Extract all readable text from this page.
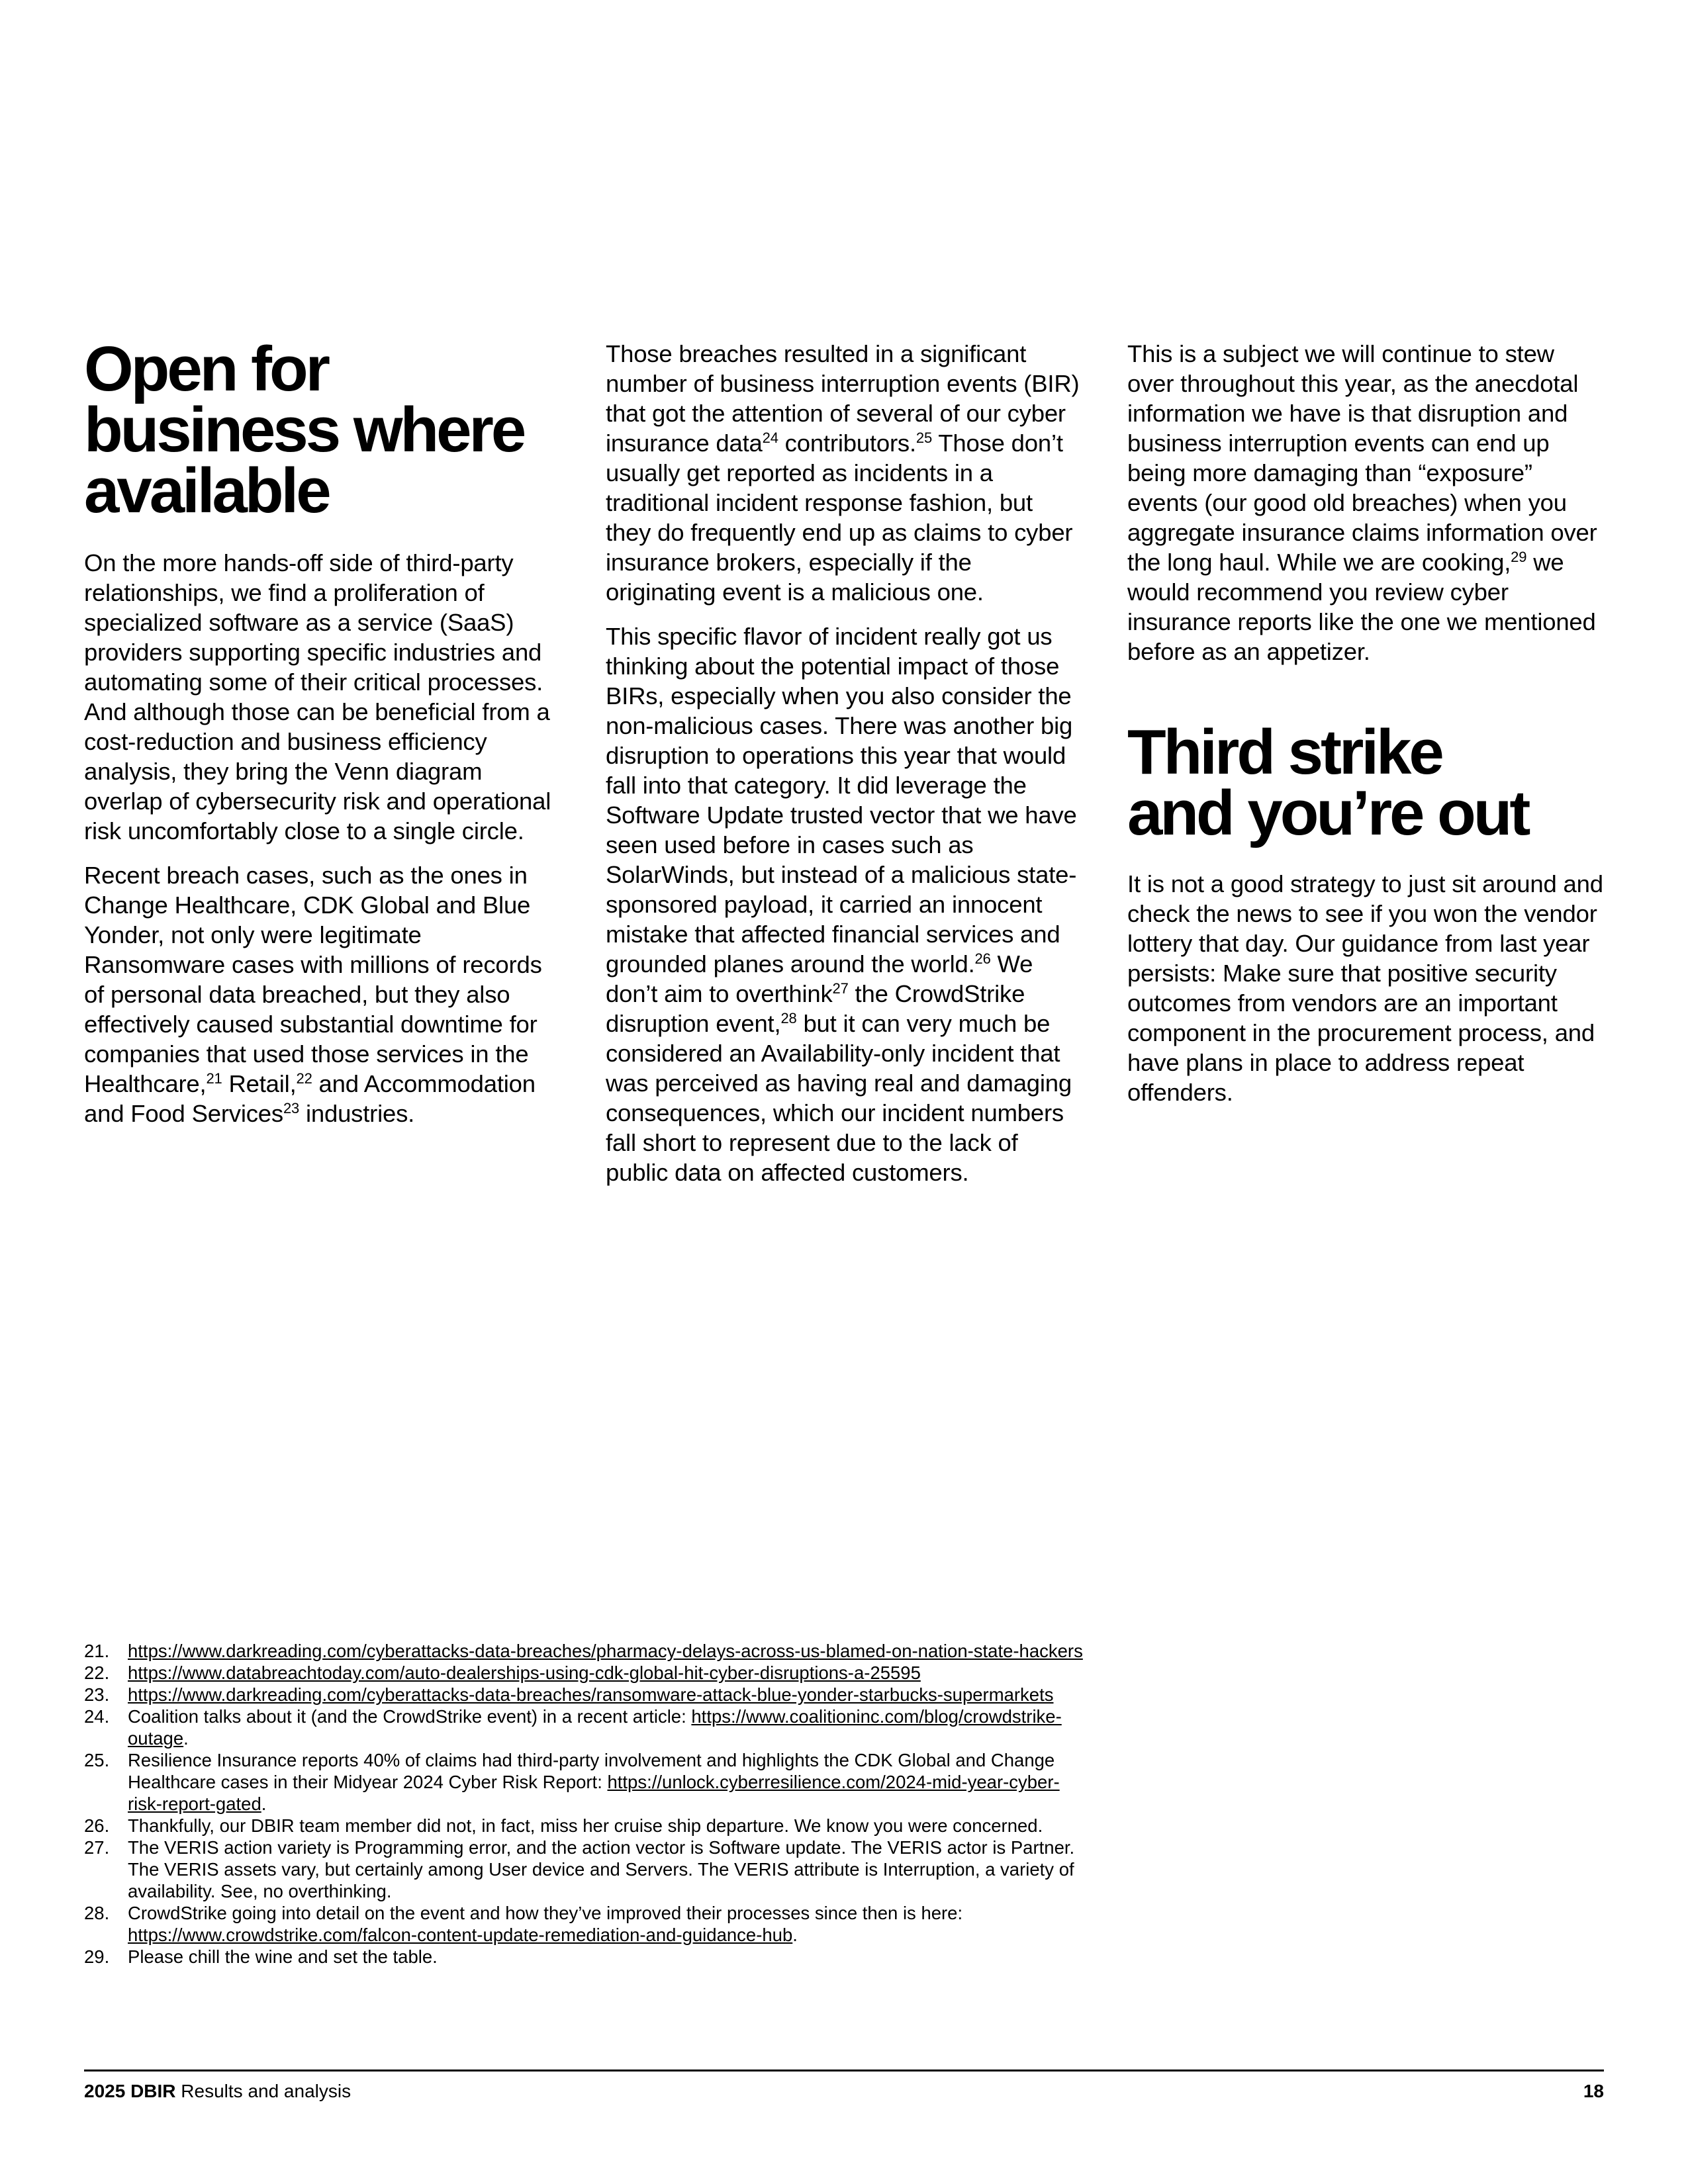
Open for
business where
available

On the more hands-off side of third-party relationships, we find a proliferation of specialized software as a service (SaaS) providers supporting specific industries and automating some of their critical processes. And although those can be beneficial from a cost-reduction and business efficiency analysis, they bring the Venn diagram overlap of cybersecurity risk and operational risk uncomfortably close to a single circle.

Recent breach cases, such as the ones in Change Healthcare, CDK Global and Blue Yonder, not only were legitimate Ransomware cases with millions of records of personal data breached, but they also effectively caused substantial downtime for companies that used those services in the Healthcare,$^{21}$ Retail,$^{22}$ and Accommodation and Food Services$^{23}$ industries.

Those breaches resulted in a significant number of business interruption events (BIR) that got the attention of several of our cyber insurance data$^{24}$ contributors.$^{25}$ Those don’t usually get reported as incidents in a traditional incident response fashion, but they do frequently end up as claims to cyber insurance brokers, especially if the originating event is a malicious one.

This specific flavor of incident really got us thinking about the potential impact of those BIRs, especially when you also consider the non-malicious cases. There was another big disruption to operations this year that would fall into that category. It did leverage the Software Update trusted vector that we have seen used before in cases such as SolarWinds, but instead of a malicious state-sponsored payload, it carried an innocent mistake that affected financial services and grounded planes around the world.$^{26}$ We don’t aim to overthink$^{27}$ the CrowdStrike disruption event,$^{28}$ but it can very much be considered an Availability-only incident that was perceived as having real and damaging consequences, which our incident numbers fall short to represent due to the lack of public data on affected customers.

This is a subject we will continue to stew over throughout this year, as the anecdotal information we have is that disruption and business interruption events can end up being more damaging than “exposure” events (our good old breaches) when you aggregate insurance claims information over the long haul. While we are cooking,$^{29}$ we would recommend you review cyber insurance reports like the one we mentioned before as an appetizer.

Third strike
and you’re out

It is not a good strategy to just sit around and check the news to see if you won the vendor lottery that day. Our guidance from last year persists: Make sure that positive security outcomes from vendors are an important component in the procurement process, and have plans in place to address repeat offenders.

21. https://www.darkreading.com/cyberattacks-data-breaches/pharmacy-delays-across-us-blamed-on-nation-state-hackers
22. https://www.databreachtoday.com/auto-dealerships-using-cdk-global-hit-cyber-disruptions-a-25595
23. https://www.darkreading.com/cyberattacks-data-breaches/ransomware-attack-blue-yonder-starbucks-supermarkets
24. Coalition talks about it (and the CrowdStrike event) in a recent article: https://www.coalitioninc.com/blog/crowdstrike-outage.
25. Resilience Insurance reports 40% of claims had third-party involvement and highlights the CDK Global and Change Healthcare cases in their Midyear 2024 Cyber Risk Report: https://unlock.cyberresilience.com/2024-mid-year-cyber-risk-report-gated.
26. Thankfully, our DBIR team member did not, in fact, miss her cruise ship departure. We know you were concerned.
27. The VERIS action variety is Programming error, and the action vector is Software update. The VERIS actor is Partner. The VERIS assets vary, but certainly among User device and Servers. The VERIS attribute is Interruption, a variety of availability. See, no overthinking.
28. CrowdStrike going into detail on the event and how they’ve improved their processes since then is here: https://www.crowdstrike.com/falcon-content-update-remediation-and-guidance-hub.
29. Please chill the wine and set the table.
2025 DBIR Results and analysis	18
